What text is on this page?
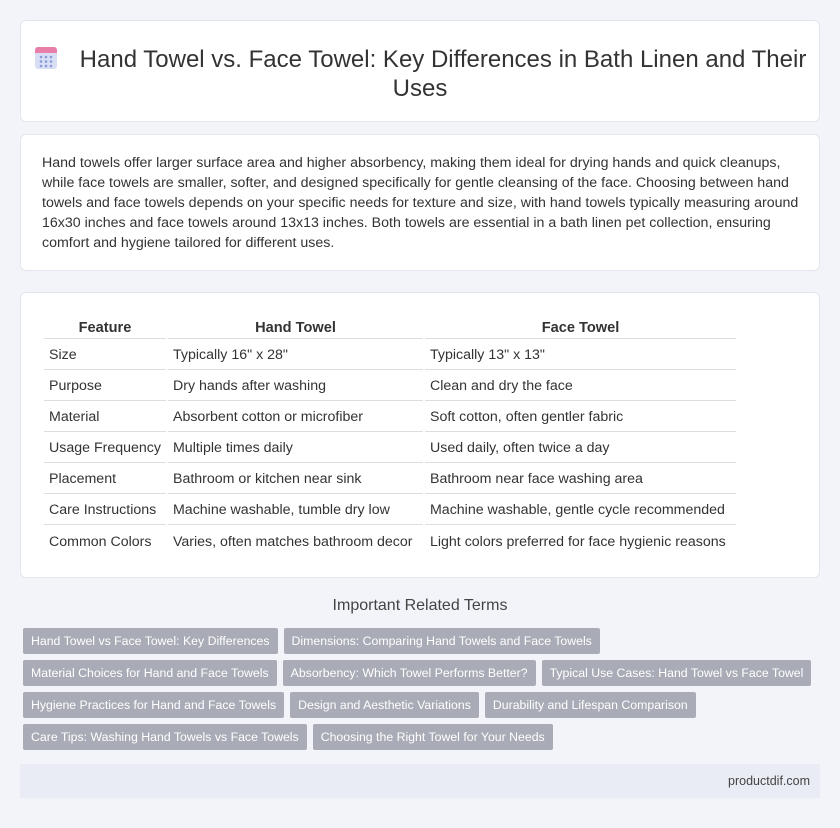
Hand Towel vs. Face Towel: Key Differences in Bath Linen and Their Uses

Hand towels offer larger surface area and higher absorbency, making them ideal for drying hands and quick cleanups, while face towels are smaller, softer, and designed specifically for gentle cleansing of the face. Choosing between hand towels and face towels depends on your specific needs for texture and size, with hand towels typically measuring around 16x30 inches and face towels around 13x13 inches. Both towels are essential in a bath linen pet collection, ensuring comfort and hygiene tailored for different uses.

Feature	Hand Towel	Face Towel
Size	Typically 16" x 28"	Typically 13" x 13"
Purpose	Dry hands after washing	Clean and dry the face
Material	Absorbent cotton or microfiber	Soft cotton, often gentler fabric
Usage Frequency	Multiple times daily	Used daily, often twice a day
Placement	Bathroom or kitchen near sink	Bathroom near face washing area
Care Instructions	Machine washable, tumble dry low	Machine washable, gentle cycle recommended
Common Colors	Varies, often matches bathroom decor	Light colors preferred for face hygienic reasons
Important Related Terms
Hand Towel vs Face Towel: Key Differences	Dimensions: Comparing Hand Towels and Face Towels
Material Choices for Hand and Face Towels	Absorbency: Which Towel Performs Better?	Typical Use Cases: Hand Towel vs Face Towel
Hygiene Practices for Hand and Face Towels	Design and Aesthetic Variations	Durability and Lifespan Comparison
Care Tips: Washing Hand Towels vs Face Towels	Choosing the Right Towel for Your Needs
productdif.com
